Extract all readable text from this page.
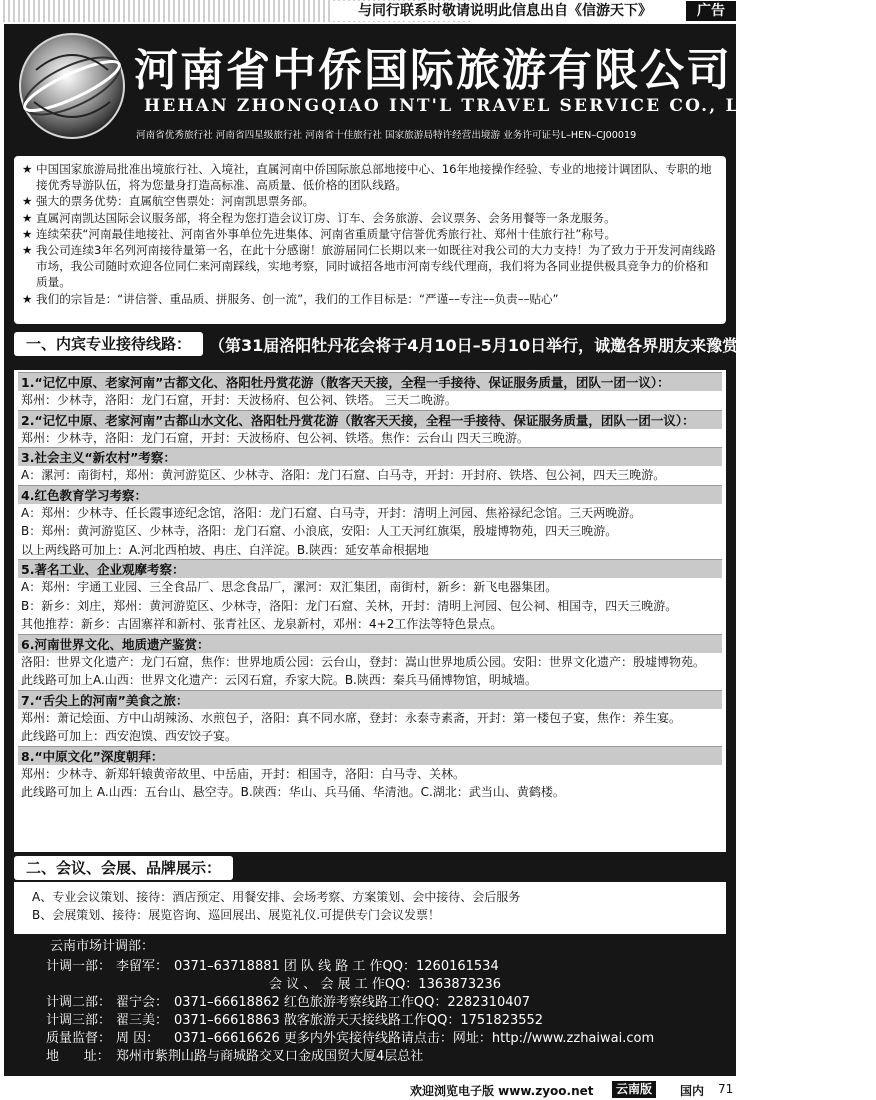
与同行联系时敬请说明此信息出自《信游天下》	广告
河南省中侨国际旅游有限公司（总社）
HEHAN ZHONGQIAO INT'L TRAVEL SERVICE CO., LTD
河南省优秀旅行社 河南省四星级旅行社 河南省十佳旅行社 国家旅游局特许经营出境游 业务许可证号L–HEN–CJ00019

★ 中国国家旅游局批准出境旅行社、入境社，直属河南中侨国际旅总部地接中心、16年地接操作经验、专业的地接计调团队、专职的地接优秀导游队伍，将为您量身打造高标准、高质量、低价格的团队线路。

★ 强大的票务优势：直属航空售票处：河南凯思票务部。

★ 直属河南凯达国际会议服务部，将全程为您打造会议订房、订车、会务旅游、会议票务、会务用餐等一条龙服务。

★ 连续荣获“河南最佳地接社、河南省外事单位先进集体、河南省重质量守信誉优秀旅行社、郑州十佳旅行社”称号。

★ 我公司连续3年名列河南接待量第一名，在此十分感谢！旅游届同仁长期以来一如既往对我公司的大力支持！为了致力于开发河南线路市场，我公司随时欢迎各位同仁来河南踩线，实地考察，同时诚招各地市河南专线代理商，我们将为各同业提供极具竞争力的价格和质量。

★ 我们的宗旨是：“讲信誉、重品质、拼服务、创一流”，我们的工作目标是：“严谨––专注––负责––贴心”

一、内宾专业接待线路：	（第31届洛阳牡丹花会将于4月10日–5月10日举行，诚邀各界朋友来豫赏花！）
1.“记忆中原、老家河南”古都文化、洛阳牡丹赏花游（散客天天接，全程一手接待、保证服务质量，团队一团一议）：
郑州：少林寺，洛阳：龙门石窟，开封：天波杨府、包公祠、铁塔。 三天二晚游。
2.“记忆中原、老家河南”古都山水文化、洛阳牡丹赏花游（散客天天接，全程一手接待、保证服务质量，团队一团一议）：
郑州：少林寺，洛阳：龙门石窟，开封：天波杨府、包公祠、铁塔。焦作：云台山 四天三晚游。
3.社会主义“新农村”考察：
A：漯河：南街村，郑州：黄河游览区、少林寺、洛阳：龙门石窟、白马寺，开封：开封府、铁塔、包公祠，四天三晚游。
4.红色教育学习考察：
A：郑州：少林寺、任长霞事迹纪念馆，洛阳：龙门石窟、白马寺，开封：清明上河园、焦裕禄纪念馆。三天两晚游。
B：郑州：黄河游览区、少林寺，洛阳：龙门石窟、小浪底，安阳：人工天河红旗渠，殷墟博物苑，四天三晚游。
以上两线路可加上：A.河北西柏坡、冉庄、白洋淀。B.陕西：延安革命根据地
5.著名工业、企业观摩考察：
A：郑州：宇通工业园、三全食品厂、思念食品厂，漯河：双汇集团，南街村，新乡：新飞电器集团。
B：新乡：刘庄，郑州：黄河游览区、少林寺，洛阳：龙门石窟、关林，开封：清明上河园、包公祠、相国寺，四天三晚游。
其他推荐：新乡：古固寨祥和新村、张青社区、龙泉新村，邓州：4+2工作法等特色景点。
6.河南世界文化、地质遗产鉴赏：
洛阳：世界文化遗产：龙门石窟，焦作：世界地质公园：云台山，登封：嵩山世界地质公园。安阳：世界文化遗产：殷墟博物苑。
此线路可加上A.山西：世界文化遗产：云冈石窟，乔家大院。B.陕西：秦兵马俑博物馆，明城墙。
7.“舌尖上的河南”美食之旅：
郑州：萧记烩面、方中山胡辣汤、水煎包子，洛阳：真不同水席，登封：永泰寺素斋，开封：第一楼包子宴，焦作：养生宴。
此线路可加上：西安泡馍、西安饺子宴。
8.“中原文化”深度朝拜：
郑州：少林寺、新郑轩辕黄帝故里、中岳庙，开封：相国寺，洛阳：白马寺、关林。
此线路可加上 A.山西：五台山、悬空寺。B.陕西：华山、兵马俑、华清池。C.湖北：武当山、黄鹤楼。
二、会议、会展、品牌展示：
A、专业会议策划、接待：酒店预定、用餐安排、会场考察、方案策划、会中接待、会后服务
B、会展策划、接待：展览咨询、巡回展出、展览礼仪.可提供专门会议发票！
云南市场计调部：
计调一部： 李留军： 0371–63718881 团 队 线 路 工 作QQ：1260161534
会 议 、 会 展 工 作QQ：1363873236
计调二部： 翟宁会： 0371–66618862 红色旅游考察线路工作QQ：2282310407
计调三部： 翟三美： 0371–66618863 散客旅游天天接线路工作QQ：1751823552
质量监督： 周 因： 0371–66616626 更多内外宾接待线路请点击：网址：http://www.zzhaiwai.com
地      址： 郑州市紫荆山路与商城路交叉口金成国贸大厦4层总社
欢迎浏览电子版 www.zyoo.net	云南版	国内 71
